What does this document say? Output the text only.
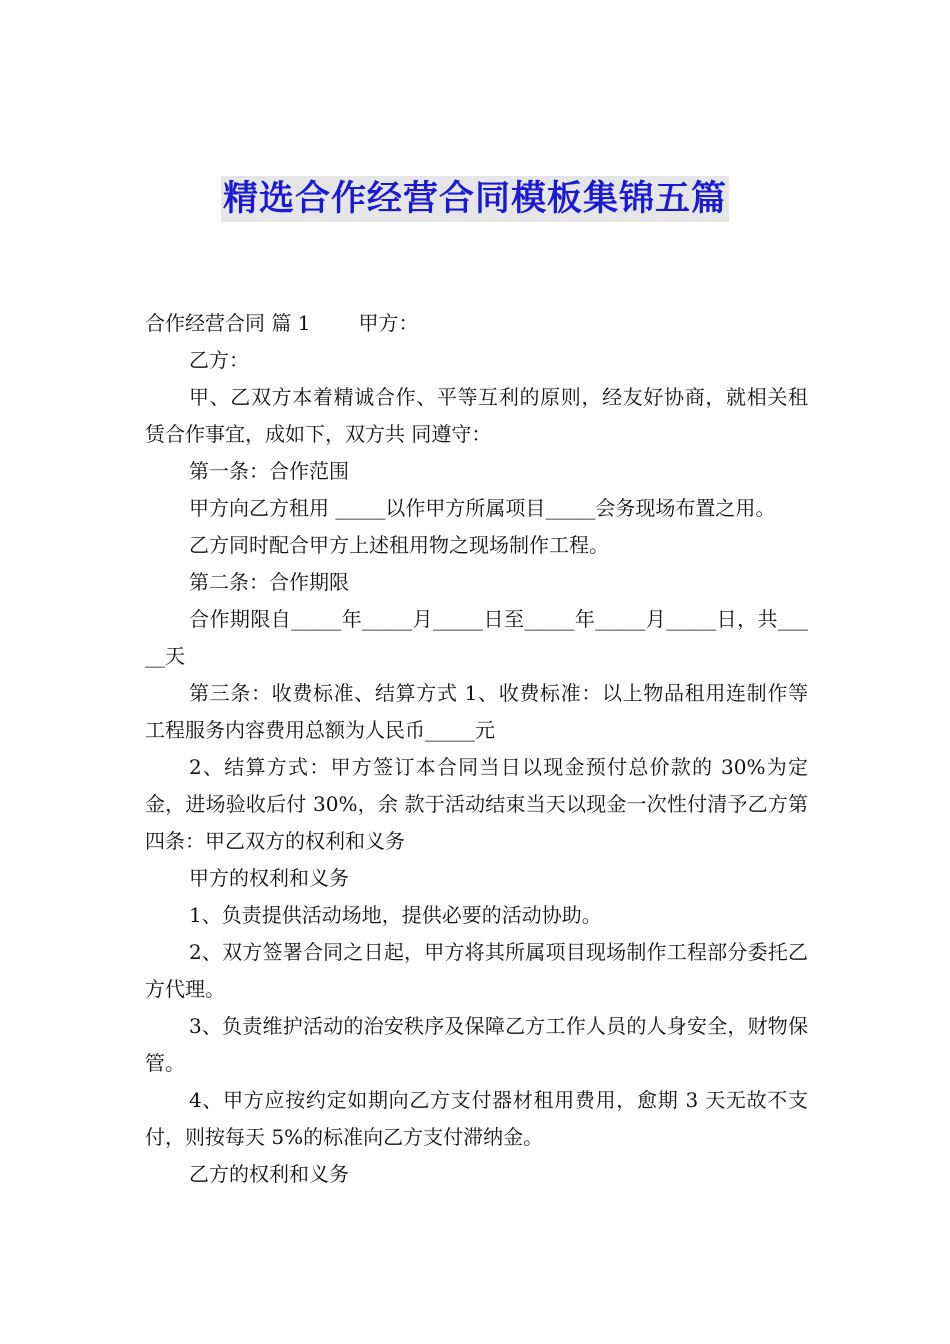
精选合作经营合同模板集锦五篇

合作经营合同 篇 1 甲方：

乙方：

甲、乙双方本着精诚合作、平等互利的原则，经友好协商，就相关租赁合作事宜，成如下，双方共 同遵守：

第一条：合作范围

甲方向乙方租用 _____以作甲方所属项目_____会务现场布置之用。

乙方同时配合甲方上述租用物之现场制作工程。

第二条：合作期限

合作期限自_____年_____月_____日至_____年_____月_____日，共_____天

第三条：收费标准、结算方式 1、收费标准：以上物品租用连制作等工程服务内容费用总额为人民币_____元

2、结算方式：甲方签订本合同当日以现金预付总价款的 30%为定金，进场验收后付 30%，余 款于活动结束当天以现金一次性付清予乙方第四条：甲乙双方的权利和义务

甲方的权利和义务

1、负责提供活动场地，提供必要的活动协助。

2、双方签署合同之日起，甲方将其所属项目现场制作工程部分委托乙方代理。

3、负责维护活动的治安秩序及保障乙方工作人员的人身安全，财物保管。

4、甲方应按约定如期向乙方支付器材租用费用，愈期 3 天无故不支付，则按每天 5%的标准向乙方支付滞纳金。

乙方的权利和义务
